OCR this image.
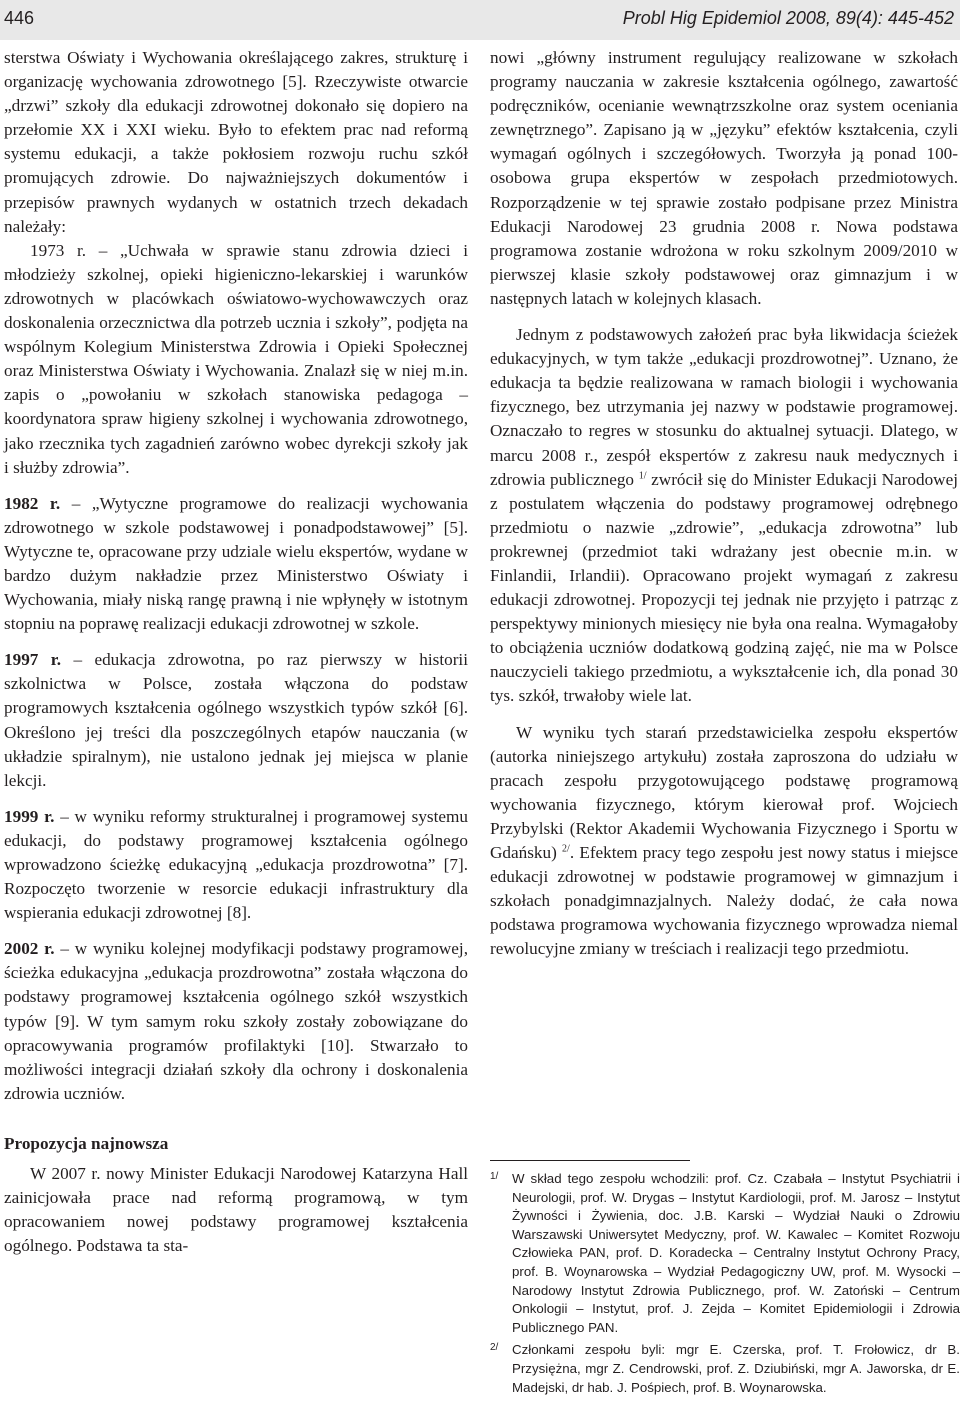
446	Probl Hig Epidemiol 2008, 89(4): 445-452

sterstwa Oświaty i Wychowania określającego zakres, strukturę i organizację wychowania zdrowotnego [5]. Rzeczywiste otwarcie „drzwi” szkoły dla edukacji zdrowotnej dokonało się dopiero na przełomie XX i XXI wieku. Było to efektem prac nad reformą systemu edukacji, a także pokłosiem rozwoju ruchu szkół promujących zdrowie. Do najważniejszych dokumentów i przepisów prawnych wydanych w ostatnich trzech dekadach należały:

1973 r. – „Uchwała w sprawie stanu zdrowia dzieci i młodzieży szkolnej, opieki higieniczno-lekarskiej i warunków zdrowotnych w placówkach oświatowo-wychowawczych oraz doskonalenia orzecznictwa dla potrzeb ucznia i szkoły”, podjęta na wspólnym Kolegium Ministerstwa Zdrowia i Opieki Społecznej oraz Ministerstwa Oświaty i Wychowania. Znalazł się w niej m.in. zapis o „powołaniu w szkołach stanowiska pedagoga – koordynatora spraw higieny szkolnej i wychowania zdrowotnego, jako rzecznika tych zagadnień zarówno wobec dyrekcji szkoły jak i służby zdrowia”.

1982 r. – „Wytyczne programowe do realizacji wychowania zdrowotnego w szkole podstawowej i ponadpodstawowej” [5]. Wytyczne te, opracowane przy udziale wielu ekspertów, wydane w bardzo dużym nakładzie przez Ministerstwo Oświaty i Wychowania, miały niską rangę prawną i nie wpłynęły w istotnym stopniu na poprawę realizacji edukacji zdrowotnej w szkole.

1997 r. – edukacja zdrowotna, po raz pierwszy w historii szkolnictwa w Polsce, została włączona do podstaw programowych kształcenia ogólnego wszystkich typów szkół [6]. Określono jej treści dla poszczególnych etapów nauczania (w układzie spiralnym), nie ustalono jednak jej miejsca w planie lekcji.

1999 r. – w wyniku reformy strukturalnej i programowej systemu edukacji, do podstawy programowej kształcenia ogólnego wprowadzono ścieżkę edukacyjną „edukacja prozdrowotna” [7]. Rozpoczęto tworzenie w resorcie edukacji infrastruktury dla wspierania edukacji zdrowotnej [8].

2002 r. – w wyniku kolejnej modyfikacji podstawy programowej, ścieżka edukacyjna „edukacja prozdrowotna” została włączona do podstawy programowej kształcenia ogólnego szkół wszystkich typów [9]. W tym samym roku szkoły zostały zobowiązane do opracowywania programów profilaktyki [10]. Stwarzało to możliwości integracji działań szkoły dla ochrony i doskonalenia zdrowia uczniów.

Propozycja najnowsza

W 2007 r. nowy Minister Edukacji Narodowej Katarzyna Hall zainicjowała prace nad reformą programową, w tym opracowaniem nowej podstawy programowej kształcenia ogólnego. Podstawa ta sta-

nowi „główny instrument regulujący realizowane w szkołach programy nauczania w zakresie kształcenia ogólnego, zawartość podręczników, ocenianie wewnątrzszkolne oraz system oceniania zewnętrznego”. Zapisano ją w „języku” efektów kształcenia, czyli wymagań ogólnych i szczegółowych. Tworzyła ją ponad 100-osobowa grupa ekspertów w zespołach przedmiotowych. Rozporządzenie w tej sprawie zostało podpisane przez Ministra Edukacji Narodowej 23 grudnia 2008 r. Nowa podstawa programowa zostanie wdrożona w roku szkolnym 2009/2010 w pierwszej klasie szkoły podstawowej oraz gimnazjum i w następnych latach w kolejnych klasach.

Jednym z podstawowych założeń prac była likwidacja ścieżek edukacyjnych, w tym także „edukacji prozdrowotnej”. Uznano, że edukacja ta będzie realizowana w ramach biologii i wychowania fizycznego, bez utrzymania jej nazwy w podstawie programowej. Oznaczało to regres w stosunku do aktualnej sytuacji. Dlatego, w marcu 2008 r., zespół ekspertów z zakresu nauk medycznych i zdrowia publicznego $^{1/}$ zwrócił się do Minister Edukacji Narodowej z postulatem włączenia do podstawy programowej odrębnego przedmiotu o nazwie „zdrowie”, „edukacja zdrowotna” lub prokrewnej (przedmiot taki wdrażany jest obecnie m.in. w Finlandii, Irlandii). Opracowano projekt wymagań z zakresu edukacji zdrowotnej. Propozycji tej jednak nie przyjęto i patrząc z perspektywy minionych miesięcy nie była ona realna. Wymagałoby to obciążenia uczniów dodatkową godziną zajęć, nie ma w Polsce nauczycieli takiego przedmiotu, a wykształcenie ich, dla ponad 30 tys. szkół, trwałoby wiele lat.

W wyniku tych starań przedstawicielka zespołu ekspertów (autorka niniejszego artykułu) została zaproszona do udziału w pracach zespołu przygotowującego podstawę programową wychowania fizycznego, którym kierował prof. Wojciech Przybylski (Rektor Akademii Wychowania Fizycznego i Sportu w Gdańsku) $^{2/}$. Efektem pracy tego zespołu jest nowy status i miejsce edukacji zdrowotnej w podstawie programowej w gimnazjum i szkołach ponadgimnazjalnych. Należy dodać, że cała nowa podstawa programowa wychowania fizycznego wprowadza niemal rewolucyjne zmiany w treściach i realizacji tego przedmiotu.

1/ W skład tego zespołu wchodzili: prof. Cz. Czabała – Instytut Psychiatrii i Neurologii, prof. W. Drygas – Instytut Kardiologii, prof. M. Jarosz – Instytut Żywności i Żywienia, doc. J.B. Karski – Wydział Nauki o Zdrowiu Warszawski Uniwersytet Medyczny, prof. W. Kawalec – Komitet Rozwoju Człowieka PAN, prof. D. Koradecka – Centralny Instytut Ochrony Pracy, prof. B. Woynarowska – Wydział Pedagogiczny UW, prof. M. Wysocki – Narodowy Instytut Zdrowia Publicznego, prof. W. Zatoński – Centrum Onkologii – Instytut, prof. J. Zejda – Komitet Epidemiologii i Zdrowia Publicznego PAN.
2/ Członkami zespołu byli: mgr E. Czerska, prof. T. Frołowicz, dr B. Przysiężna, mgr Z. Cendrowski, prof. Z. Dziubiński, mgr A. Jaworska, dr E. Madejski, dr hab. J. Pośpiech, prof. B. Woynarowska.
